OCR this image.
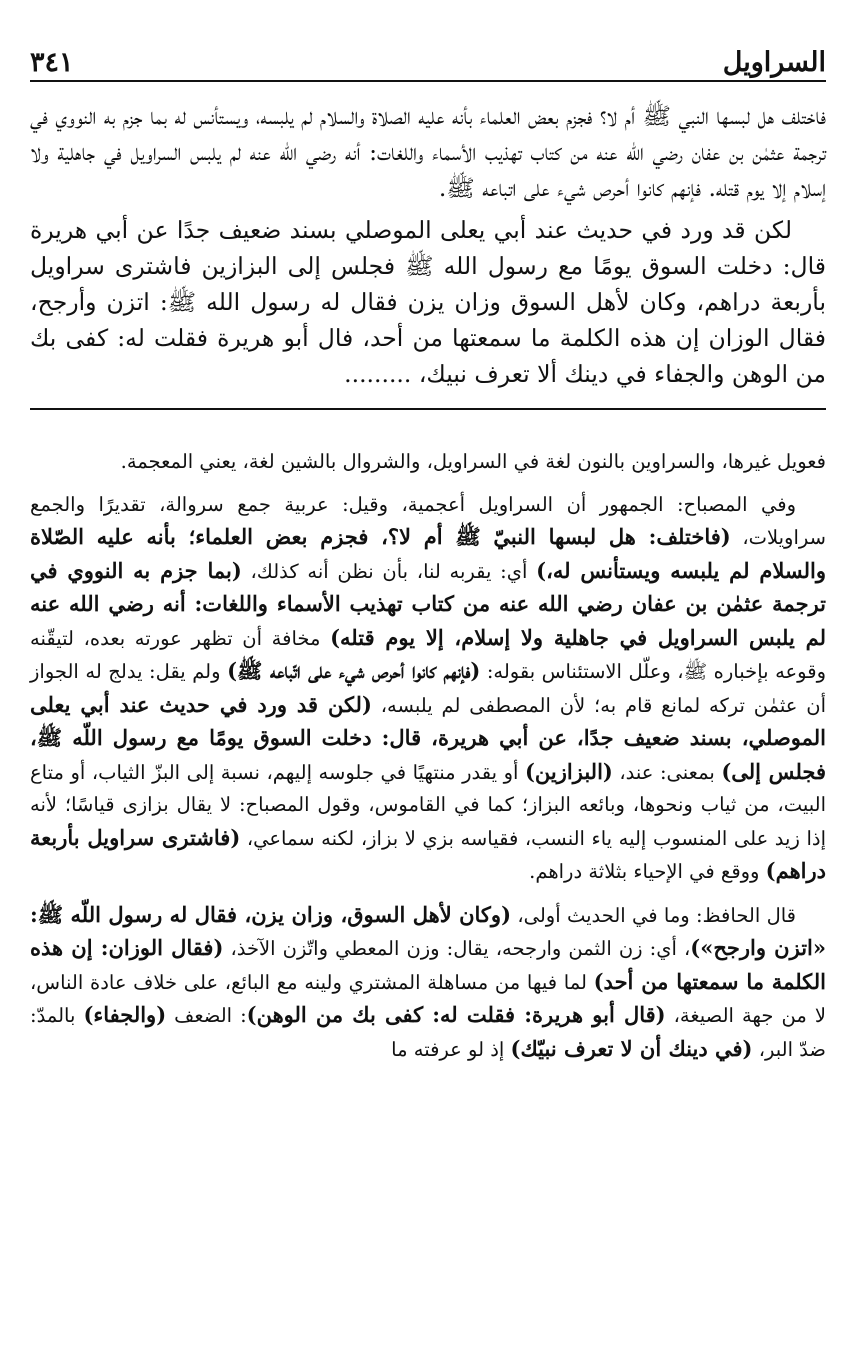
السراويل
٣٤١

فاختلف هل لبسها النبي ﷺ أم لا؟ فجزم بعض العلماء بأنه عليه الصلاة والسلام لم يلبسه، ويستأنس له بما جزم به النووي في ترجمة عثمٰن بن عفان رضي الله عنه من كتاب تهذيب الأسماء واللغات: أنه رضي الله عنه لم يلبس السراويل في جاهلية ولا إسلام إلا يوم قتله. فإنهم كانوا أحرص شيء على اتباعه ﷺ.

لكن قد ورد في حديث عند أبي يعلى الموصلي بسند ضعيف جدًا عن أبي هريرة قال: دخلت السوق يومًا مع رسول الله ﷺ فجلس إلى البزازين فاشترى سراويل بأربعة دراهم، وكان لأهل السوق وزان يزن فقال له رسول الله ﷺ: اتزن وأرجح، فقال الوزان إن هذه الكلمة ما سمعتها من أحد، فال أبو هريرة فقلت له: كفى بك من الوهن والجفاء في دينك ألا تعرف نبيك، .........

فعويل غيرها، والسراوين بالنون لغة في السراويل، والشروال بالشين لغة، يعني المعجمة.

وفي المصباح: الجمهور أن السراويل أعجمية، وقيل: عربية جمع سروالة، تقديرًا والجمع سراويلات، (فاختلف: هل لبسها النبيّ ﷺ أم لا؟، فجزم بعض العلماء؛ بأنه عليه الصّلاة والسلام لم يلبسه ويستأنس له،) أي: يقربه لنا، بأن نظن أنه كذلك، (بما جزم به النووي في ترجمة عثمٰن بن عفان رضي الله عنه من كتاب تهذيب الأسماء واللغات: أنه رضي الله عنه لم يلبس السراويل في جاهلية ولا إسلام، إلا يوم قتله) مخافة أن تظهر عورته بعده، لتيقّنه وقوعه بإخباره ﷺ، وعلّل الاستئناس بقوله: (فإنهم كانوا أحرص شيء على اتّباعه ﷺ) ولم يقل: يدلج له الجواز أن عثمٰن تركه لمانع قام به؛ لأن المصطفى لم يلبسه، (لكن قد ورد في حديث عند أبي يعلى الموصلي، بسند ضعيف جدًا، عن أبي هريرة، قال: دخلت السوق يومًا مع رسول اللّه ﷺ، فجلس إلى) بمعنى: عند، (البزازين) أو يقدر منتهيًا في جلوسه إليهم، نسبة إلى البزّ الثياب، أو متاع البيت، من ثياب ونحوها، وبائعه البزاز؛ كما في القاموس، وقول المصباح: لا يقال بزازى قياسًا؛ لأنه إذا زيد على المنسوب إليه ياء النسب، فقياسه بزي لا بزاز، لكنه سماعي، (فاشترى سراويل بأربعة دراهم) ووقع في الإحياء بثلاثة دراهم.

قال الحافظ: وما في الحديث أولى، (وكان لأهل السوق، وزان يزن، فقال له رسول اللّه ﷺ: «اتزن وارجح»)، أي: زن الثمن وارجحه، يقال: وزن المعطي واتّزن الآخذ، (فقال الوزان: إن هذه الكلمة ما سمعتها من أحد) لما فيها من مساهلة المشتري ولينه مع البائع، على خلاف عادة الناس، لا من جهة الصيغة، (قال أبو هريرة: فقلت له: كفى بك من الوهن): الضعف (والجفاء) بالمدّ: ضدّ البر، (في دينك أن لا تعرف نبيّك) إذ لو عرفته ما
